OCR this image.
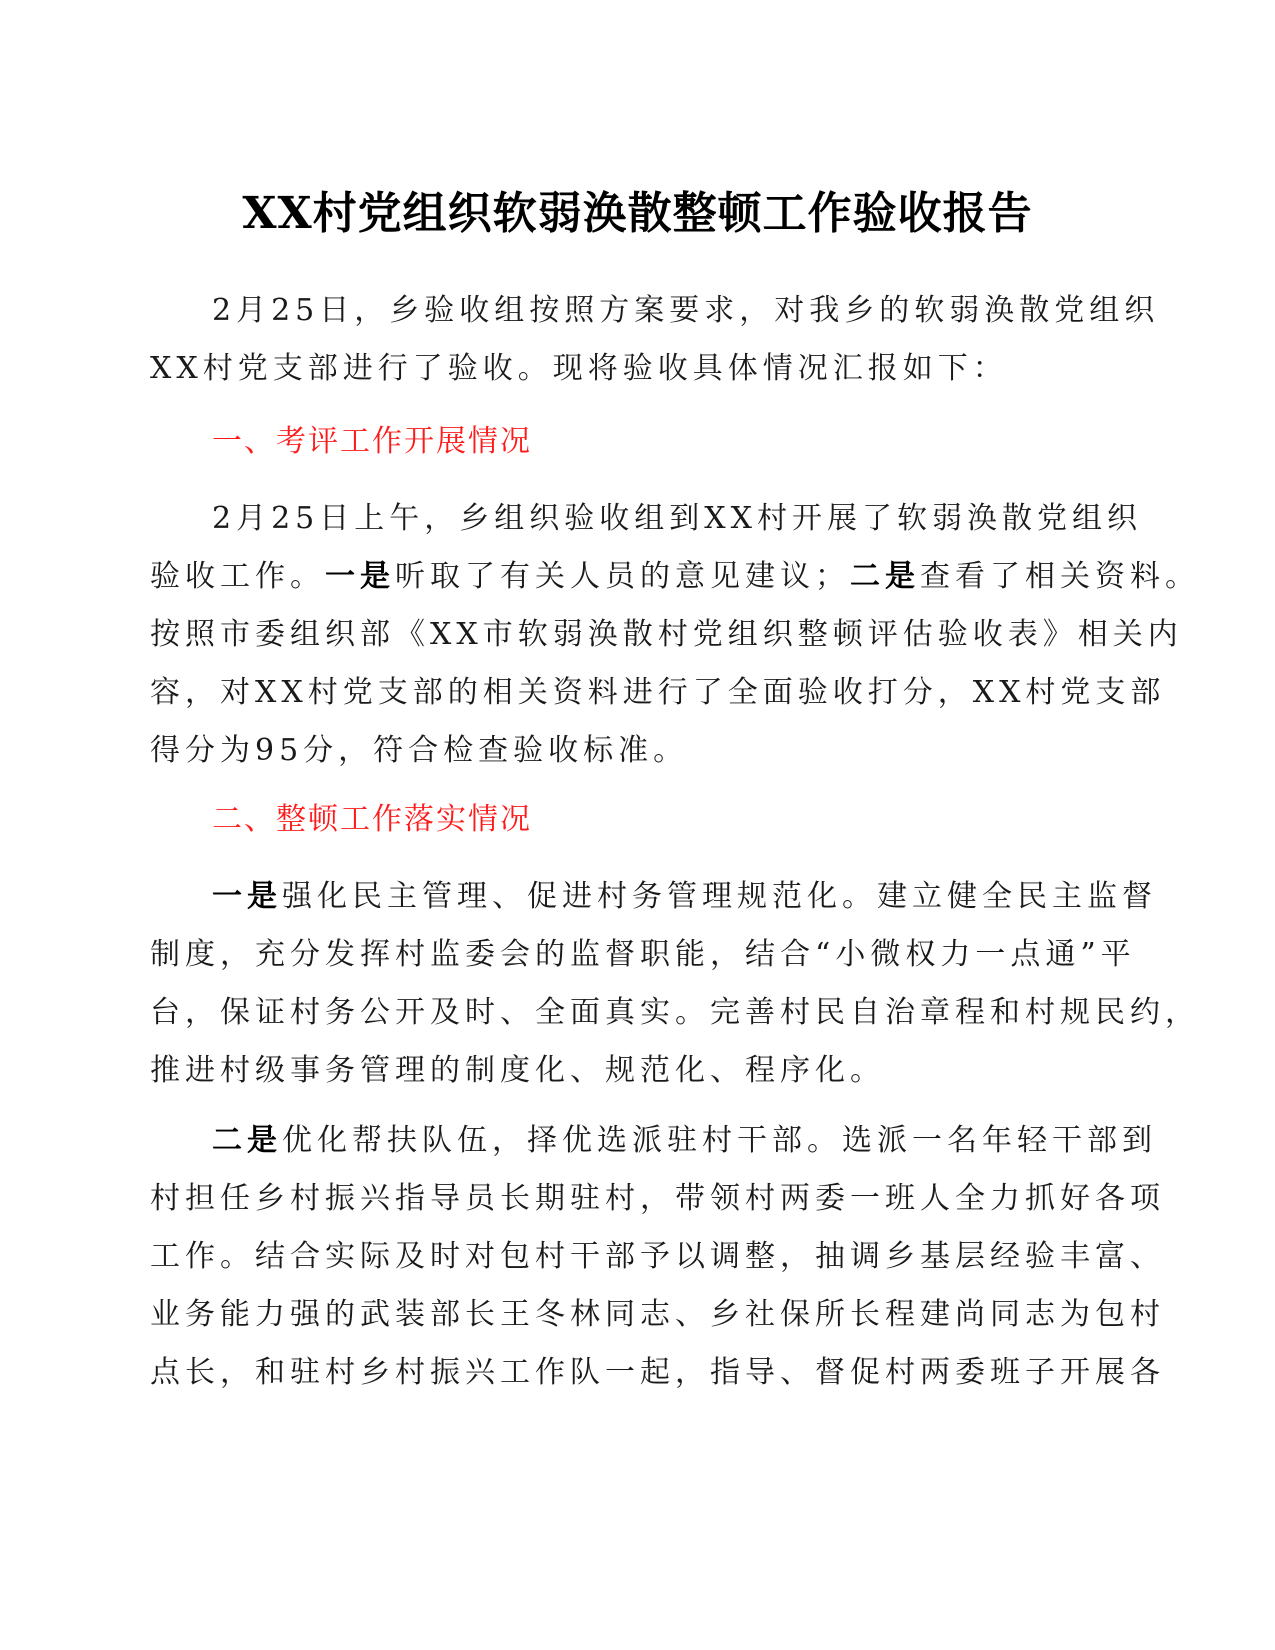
XX村党组织软弱涣散整顿工作验收报告
2月25日，乡验收组按照方案要求，对我乡的软弱涣散党组织
XX村党支部进行了验收。现将验收具体情况汇报如下：
一、考评工作开展情况
2月25日上午，乡组织验收组到XX村开展了软弱涣散党组织
验收工作。一是听取了有关人员的意见建议；二是查看了相关资料。
按照市委组织部《XX市软弱涣散村党组织整顿评估验收表》相关内
容，对XX村党支部的相关资料进行了全面验收打分，XX村党支部
得分为95分，符合检查验收标准。
二、整顿工作落实情况
一是强化民主管理、促进村务管理规范化。建立健全民主监督
制度，充分发挥村监委会的监督职能，结合“小微权力一点通”平
台，保证村务公开及时、全面真实。完善村民自治章程和村规民约，
推进村级事务管理的制度化、规范化、程序化。
二是优化帮扶队伍，择优选派驻村干部。选派一名年轻干部到
村担任乡村振兴指导员长期驻村，带领村两委一班人全力抓好各项
工作。结合实际及时对包村干部予以调整，抽调乡基层经验丰富、
业务能力强的武装部长王冬林同志、乡社保所长程建尚同志为包村
点长，和驻村乡村振兴工作队一起，指导、督促村两委班子开展各
